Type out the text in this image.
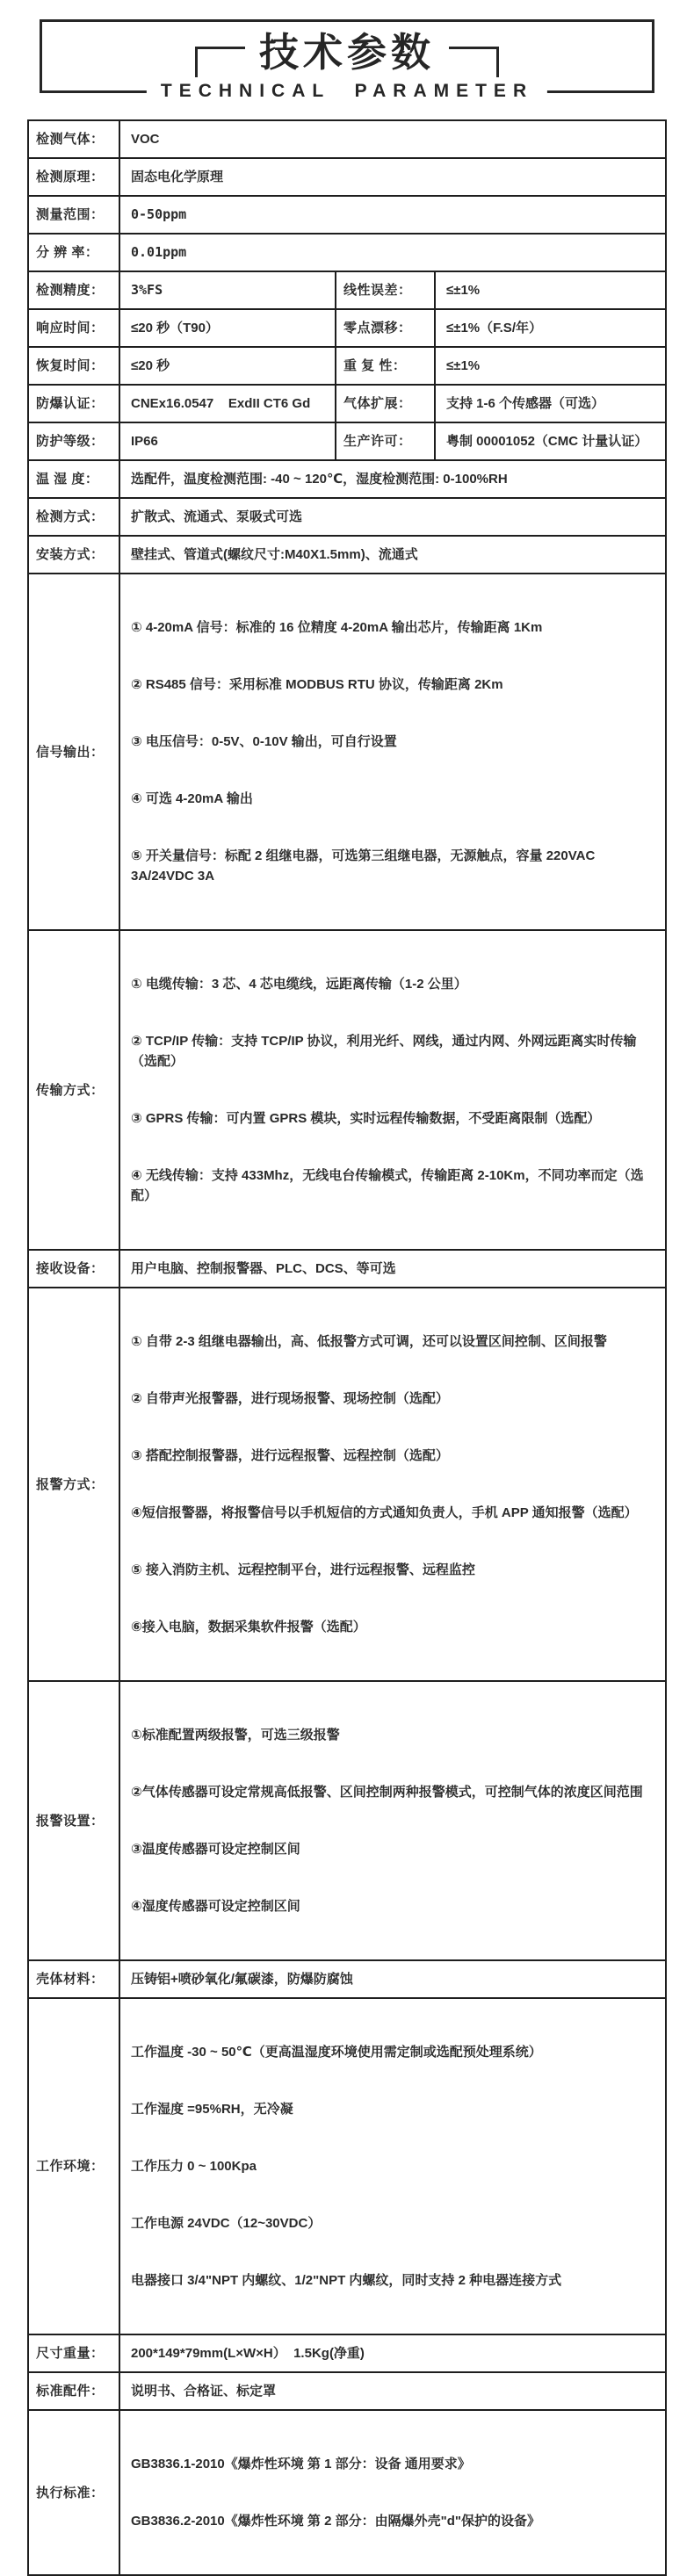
技术参数
TECHNICAL PARAMETER
检测气体：	VOC		
检测原理：	固态电化学原理		
测量范围：	0-50ppm		
分 辨 率：	0.01ppm		
检测精度：	3%FS	线性误差：	≤±1%
响应时间：	≤20 秒（T90）	零点漂移：	≤±1%（F.S/年）
恢复时间：	≤20 秒	重 复 性：	≤±1%
防爆认证：	CNEx16.0547    ExdII CT6 Gd	气体扩展：	支持 1-6 个传感器（可选）
防护等级：	IP66	生产许可：	粤制 00001052（CMC 计量认证）
温 湿 度：	选配件，温度检测范围: -40 ~ 120℃，湿度检测范围: 0-100%RH		
检测方式：	扩散式、流通式、泵吸式可选		
安装方式：	壁挂式、管道式(螺纹尺寸:M40X1.5mm)、流通式		
信号输出：	① 4-20mA 信号：标准的 16 位精度 4-20mA 输出芯片，传输距离 1Km

② RS485 信号：采用标准 MODBUS RTU 协议，传输距离 2Km

③ 电压信号：0-5V、0-10V 输出，可自行设置

④ 可选 4-20mA 输出

⑤ 开关量信号：标配 2 组继电器，可选第三组继电器，无源触点，容量 220VAC 3A/24VDC 3A		

传输方式：	① 电缆传输：3 芯、4 芯电缆线，远距离传输（1-2 公里）

② TCP/IP 传输：支持 TCP/IP 协议，利用光纤、网线，通过内网、外网远距离实时传输（选配）

③ GPRS 传输：可内置 GPRS 模块，实时远程传输数据，不受距离限制（选配）

④ 无线传输：支持 433Mhz，无线电台传输模式，传输距离 2-10Km，不同功率而定（选配）		

接收设备：	用户电脑、控制报警器、PLC、DCS、等可选		
报警方式：	

① 自带 2-3 组继电器输出，高、低报警方式可调，还可以设置区间控制、区间报警

② 自带声光报警器，进行现场报警、现场控制（选配）

③ 搭配控制报警器，进行远程报警、远程控制（选配）

④短信报警器，将报警信号以手机短信的方式通知负责人，手机 APP 通知报警（选配）

⑤ 接入消防主机、远程控制平台，进行远程报警、远程监控

⑥接入电脑，数据采集软件报警（选配）

报警设置：	①标准配置两级报警，可选三级报警

②气体传感器可设定常规高低报警、区间控制两种报警模式，可控制气体的浓度区间范围

③温度传感器可设定控制区间

④湿度传感器可设定控制区间		

壳体材料：	压铸铝+喷砂氧化/氟碳漆，防爆防腐蚀		
工作环境：	工作温度 -30 ~ 50℃（更高温湿度环境使用需定制或选配预处理系统）

工作湿度 =95%RH，无冷凝

工作压力 0 ~ 100Kpa

工作电源 24VDC（12~30VDC）

电器接口 3/4"NPT 内螺纹、1/2"NPT 内螺纹，同时支持 2 种电器连接方式		

尺寸重量：	200*149*79mm(L×W×H）  1.5Kg(净重)		
标准配件：	说明书、合格证、标定罩		
执行标准：	GB3836.1-2010《爆炸性环境 第 1 部分：设备 通用要求》

GB3836.2-2010《爆炸性环境 第 2 部分：由隔爆外壳"d"保护的设备》		
